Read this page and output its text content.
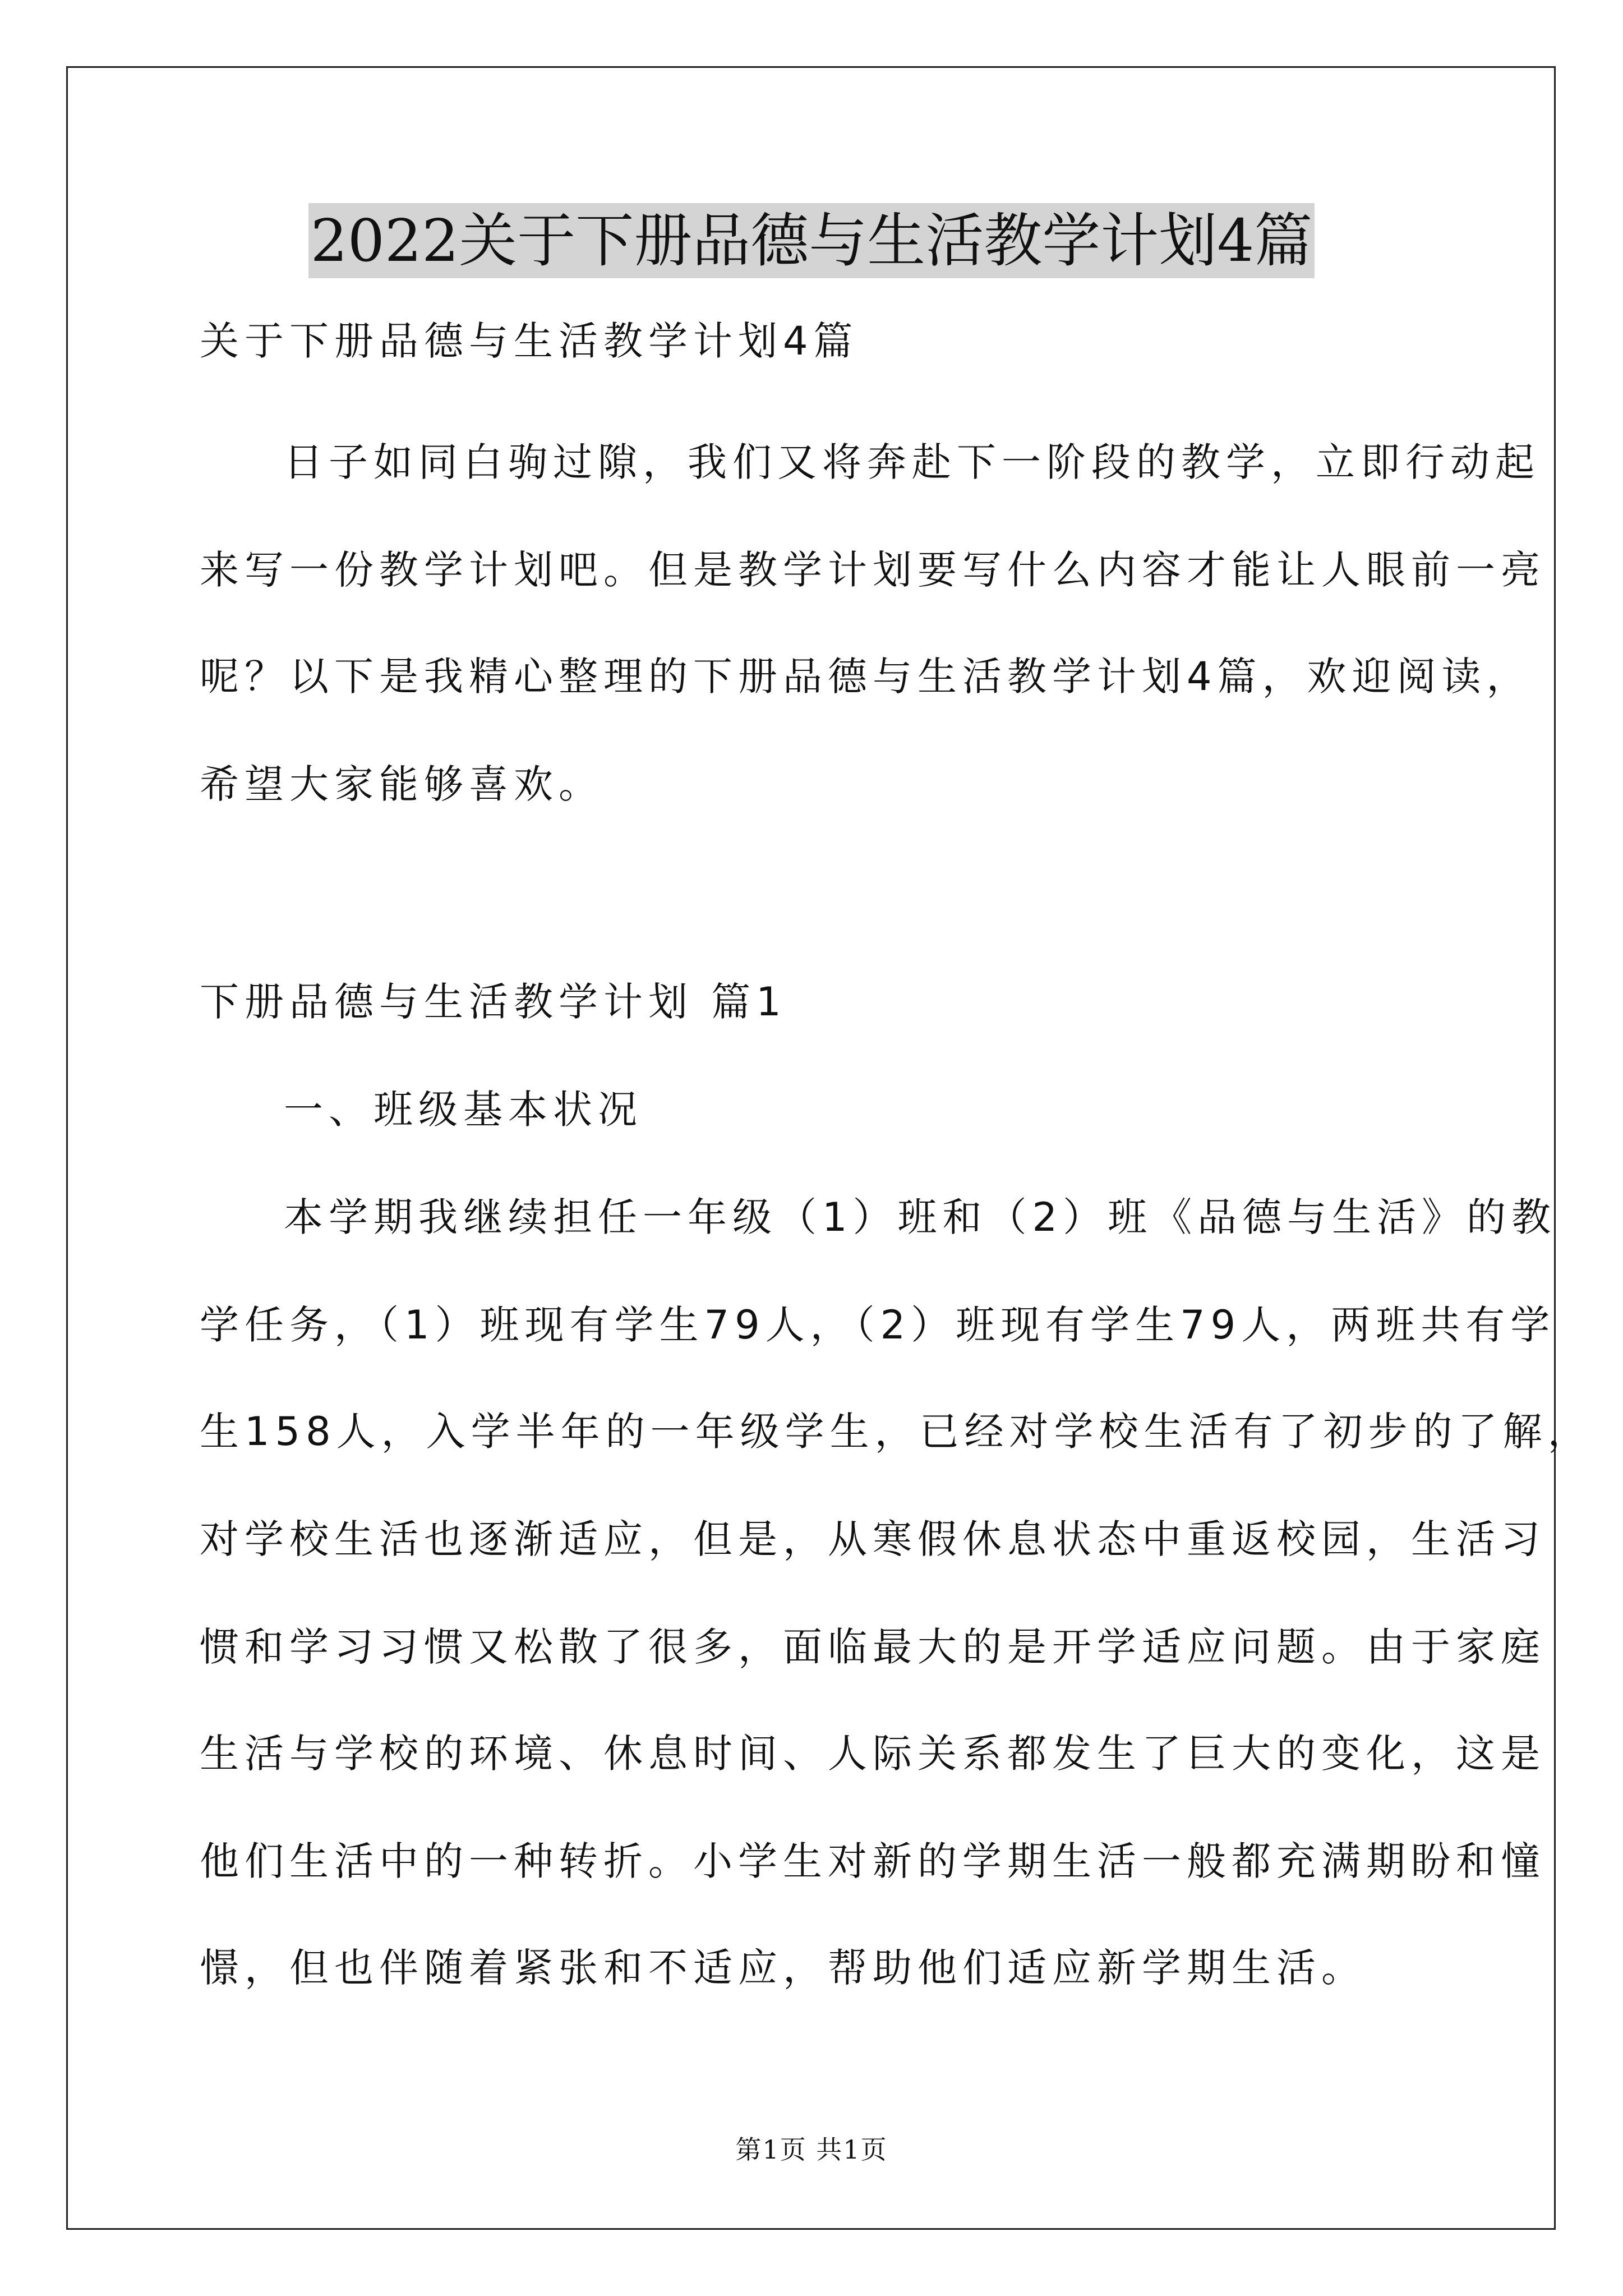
2022关于下册品德与生活教学计划4篇
关于下册品德与生活教学计划4篇
日子如同白驹过隙，我们又将奔赴下一阶段的教学，立即行动起
来写一份教学计划吧。但是教学计划要写什么内容才能让人眼前一亮
呢？以下是我精心整理的下册品德与生活教学计划4篇，欢迎阅读，
希望大家能够喜欢。
下册品德与生活教学计划 篇1
一、班级基本状况
本学期我继续担任一年级（1）班和（2）班《品德与生活》的教
学任务，（1）班现有学生79人，（2）班现有学生79人，两班共有学
生158人，入学半年的一年级学生，已经对学校生活有了初步的了解，
对学校生活也逐渐适应，但是，从寒假休息状态中重返校园，生活习
惯和学习习惯又松散了很多，面临最大的是开学适应问题。由于家庭
生活与学校的环境、休息时间、人际关系都发生了巨大的变化，这是
他们生活中的一种转折。小学生对新的学期生活一般都充满期盼和憧
憬，但也伴随着紧张和不适应，帮助他们适应新学期生活。
第1页 共1页
